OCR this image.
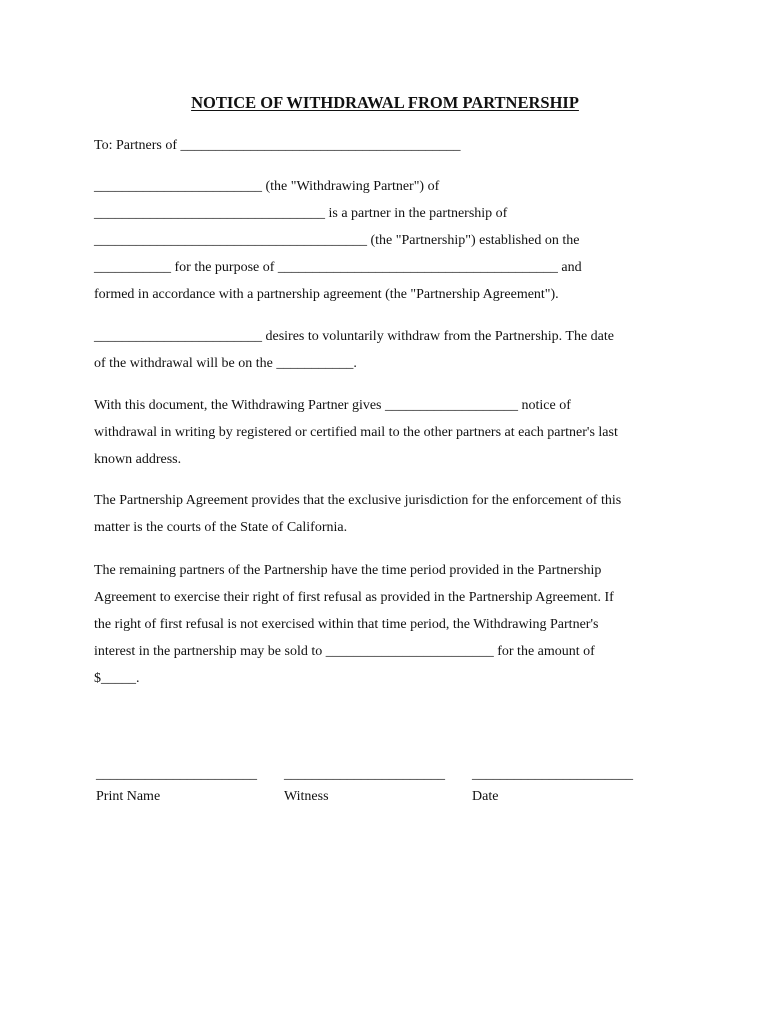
NOTICE OF WITHDRAWAL FROM PARTNERSHIP
To: Partners of ________________________________________
________________________ (the "Withdrawing Partner") of
_________________________________ is a partner in the partnership of
_______________________________________ (the "Partnership") established on the
___________ for the purpose of ________________________________________ and
formed in accordance with a partnership agreement (the "Partnership Agreement").
________________________ desires to voluntarily withdraw from the Partnership. The date
of the withdrawal will be on the ___________.
With this document, the Withdrawing Partner gives ___________________ notice of
withdrawal in writing by registered or certified mail to the other partners at each partner's last
known address.
The Partnership Agreement provides that the exclusive jurisdiction for the enforcement of this
matter is the courts of the State of California.
The remaining partners of the Partnership have the time period provided in the Partnership
Agreement to exercise their right of first refusal as provided in the Partnership Agreement. If
the right of first refusal is not exercised within that time period, the Withdrawing Partner's
interest in the partnership may be sold to ________________________ for the amount of
$_____.
_______________________ _______________________ _______________________
Print Name	Witness	Date
